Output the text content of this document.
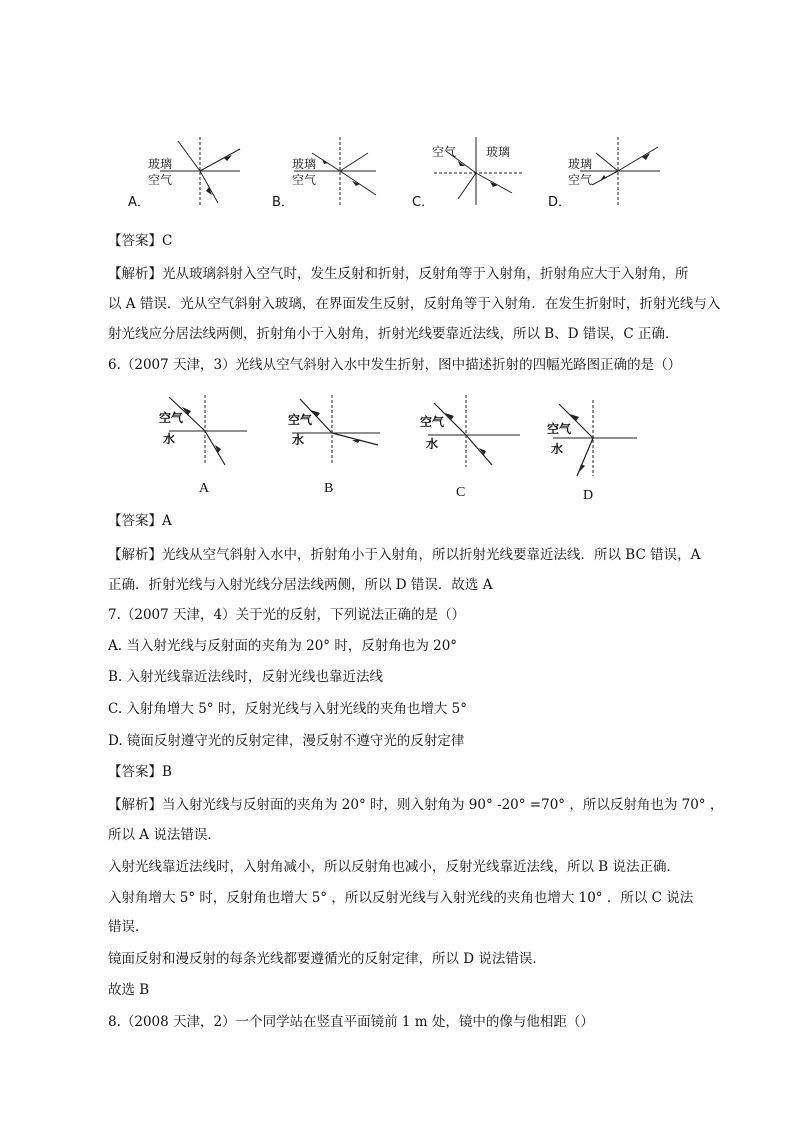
玻璃
空气
A．
玻璃
空气
B．
空气 玻璃
C．
玻璃
空气
D．
【答案】C
【解析】光从玻璃斜射入空气时，发生反射和折射，反射角等于入射角，折射角应大于入射角，所
以 A 错误．光从空气斜射入玻璃，在界面发生反射，反射角等于入射角．在发生折射时，折射光线与入
射光线应分居法线两侧，折射角小于入射角，折射光线要靠近法线，所以 B、D 错误，C 正确．
6.（2007 天津，3）光线从空气斜射入水中发生折射，图中描述折射的四幅光路图正确的是（）
空气
水
A
空气
水
B
空气
水
C
空气
水
D
【答案】A
【解析】光线从空气斜射入水中，折射角小于入射角，所以折射光线要靠近法线．所以 BC 错误，A
正确．折射光线与入射光线分居法线两侧，所以 D 错误．故选 A
7.（2007 天津，4）关于光的反射，下列说法正确的是（）
A. 当入射光线与反射面的夹角为 20° 时，反射角也为 20°
B. 入射光线靠近法线时，反射光线也靠近法线
C. 入射角增大 5° 时，反射光线与入射光线的夹角也增大 5°
D. 镜面反射遵守光的反射定律，漫反射不遵守光的反射定律
【答案】B
【解析】当入射光线与反射面的夹角为 20° 时，则入射角为 90° -20° =70° ，所以反射角也为 70° ，
所以 A 说法错误．
入射光线靠近法线时，入射角减小，所以反射角也减小，反射光线靠近法线，所以 B 说法正确．
入射角增大 5° 时，反射角也增大 5° ，所以反射光线与入射光线的夹角也增大 10° ．所以 C 说法
错误．
镜面反射和漫反射的每条光线都要遵循光的反射定律，所以 D 说法错误．
故选 B
8.（2008 天津，2）一个同学站在竖直平面镜前 1 m 处，镜中的像与他相距（）
